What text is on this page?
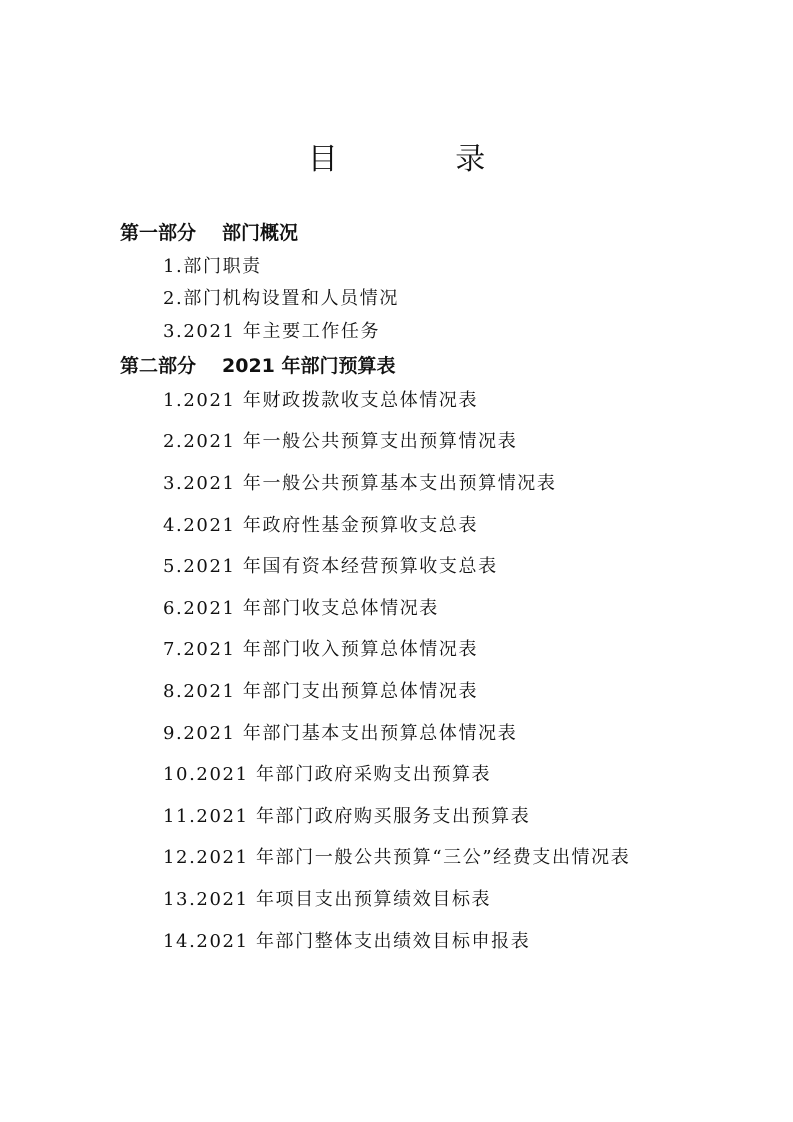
目 录
第一部分 部门概况
1.部门职责
2.部门机构设置和人员情况
3.2021 年主要工作任务
第二部分 2021 年部门预算表
1.2021 年财政拨款收支总体情况表
2.2021 年一般公共预算支出预算情况表
3.2021 年一般公共预算基本支出预算情况表
4.2021 年政府性基金预算收支总表
5.2021 年国有资本经营预算收支总表
6.2021 年部门收支总体情况表
7.2021 年部门收入预算总体情况表
8.2021 年部门支出预算总体情况表
9.2021 年部门基本支出预算总体情况表
10.2021 年部门政府采购支出预算表
11.2021 年部门政府购买服务支出预算表
12.2021 年部门一般公共预算“三公”经费支出情况表
13.2021 年项目支出预算绩效目标表
14.2021 年部门整体支出绩效目标申报表
